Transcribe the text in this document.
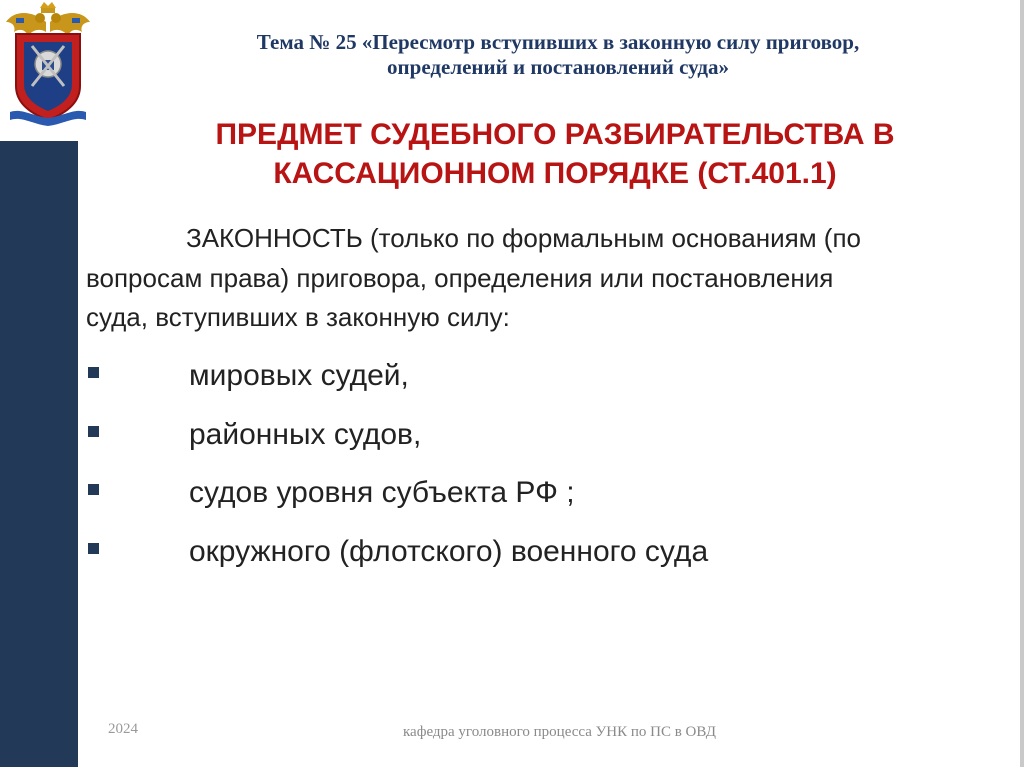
Тема № 25 «Пересмотр вступивших в законную силу приговор,
определений и постановлений суда»
ПРЕДМЕТ СУДЕБНОГО РАЗБИРАТЕЛЬСТВА В
КАССАЦИОННОМ ПОРЯДКЕ (СТ.401.1)
ЗАКОННОСТЬ (только по формальным основаниям (по
вопросам права) приговора, определения или постановления
суда, вступивших в законную силу:
мировых судей,
районных судов,
судов уровня субъекта РФ ;
окружного (флотского) военного суда
2024	кафедра уголовного процесса УНК по ПС в ОВД
